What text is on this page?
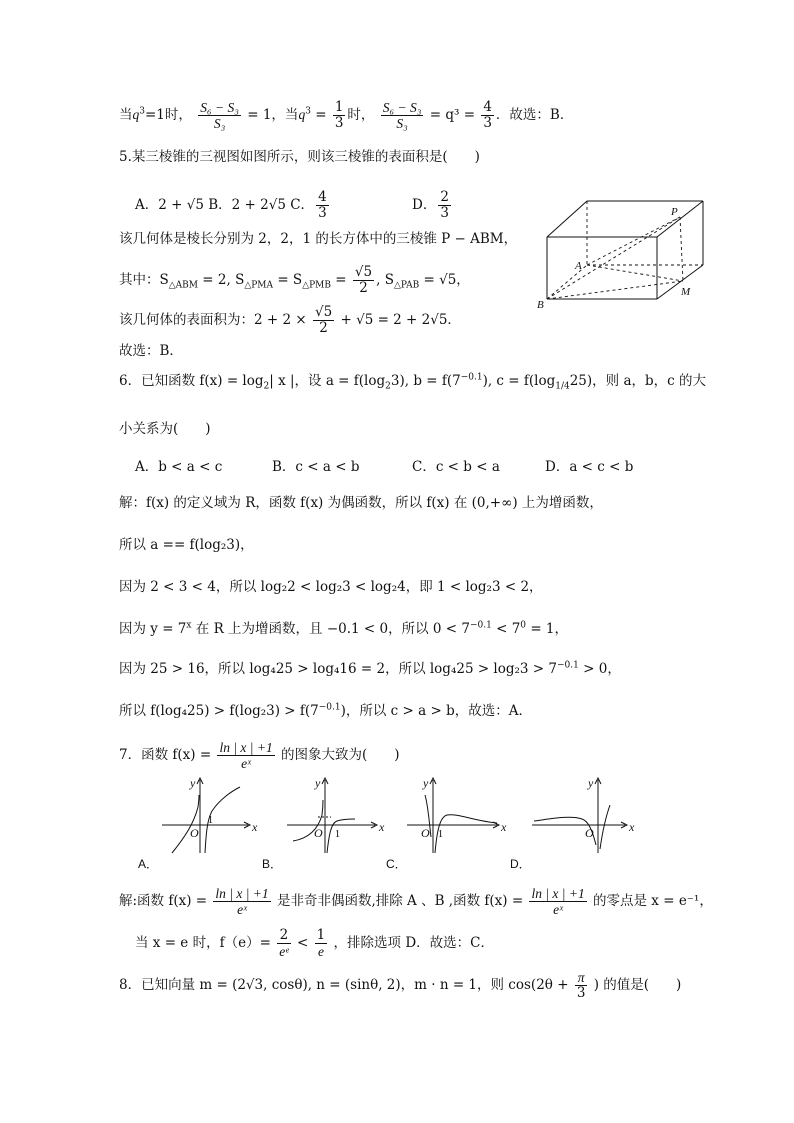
当$q^3=1$时， $\frac{\text{S₆ − S₃}}{\text{S₃}} = 1$，当$q^3 = \frac{1}{3}$ 时， $\frac{\text{S₆ − S₃}}{\text{S₃}} = q^3 = \frac{4}{3}$ ．故选：B．
5.某三棱锥的三视图如图所示，则该三棱锥的表面积是(　　)
A．2 + √5 B．2 + 2√5 C． $\frac{4}{3}$	D． $\frac{2}{3}$
该几何体是棱长分别为 2，2，1 的长方体中的三棱锥 P − ABM，
其中：$S_{\triangle ABM} = 2$, $S_{\triangle PMA} = S_{\triangle PMB} = \frac{√5}{2}$ , $S_{\triangle PAB} = √5$，
该几何体的表面积为：$2 + 2 \times \frac{√5}{2} + √5 = 2 + 2√5$．
故选：B．
P
A
B
M
6．已知函数 $f(x) = \log_2|$ x |，设 $a = f(\log_23)$, $b = f(7^{-0.1})$, $c = f(\log_{1/4}25)$，则 a，b，c 的大
小关系为(　　)
A．b < a < c	B．c < a < b	C．c < b < a	D．a < c < b
解：f(x) 的定义域为 R，函数 f(x) 为偶函数，所以 f(x) 在 (0,+∞) 上为增函数，
所以 a == f(log₂3)，
因为 2 < 3 < 4，所以 log₂2 < log₂3 < log₂4，即 1 < log₂3 < 2，
因为 $y = 7^x$ 在 R 上为增函数，且 −0.1 < 0，所以 $0 < 7^{-0.1} < 7^0 = 1$，
因为 25 > 16，所以 log₄25 > log₄16 = 2，所以 $\log_425 > \log_23 > 7^{-0.1} > 0$，
所以 $f(\log_425) > f(\log_23) > f(7^{-0.1})$，所以 c > a > b，故选：A．
7．函数 $f(x) = \frac{\ln | x | +1}{\text{eˣ}}$ 的图象大致为(　　)
x
y
O
1
A．
x
y
O 1
B．
x
y
O 1
C．
x
y
O
D．
解:函数 $f(x) = \frac{\ln | x | +1}{\text{eˣ}}$ 是非奇非偶函数,排除 A 、B ,函数 $f(x) = \frac{\ln | x | +1}{\text{eˣ}}$ 的零点是 x = e⁻¹，
当 x = e 时，$f(e)= \frac{2}{\text{eᵉ}} < \frac{1}{e}$ ，排除选项 D．故选：C．
8．已知向量 m = (2√3, cosθ), n = (sinθ, 2)，m · n = 1，则 $\cos(2\theta + \frac{\pi}{3}$ ) 的值是(　　)
